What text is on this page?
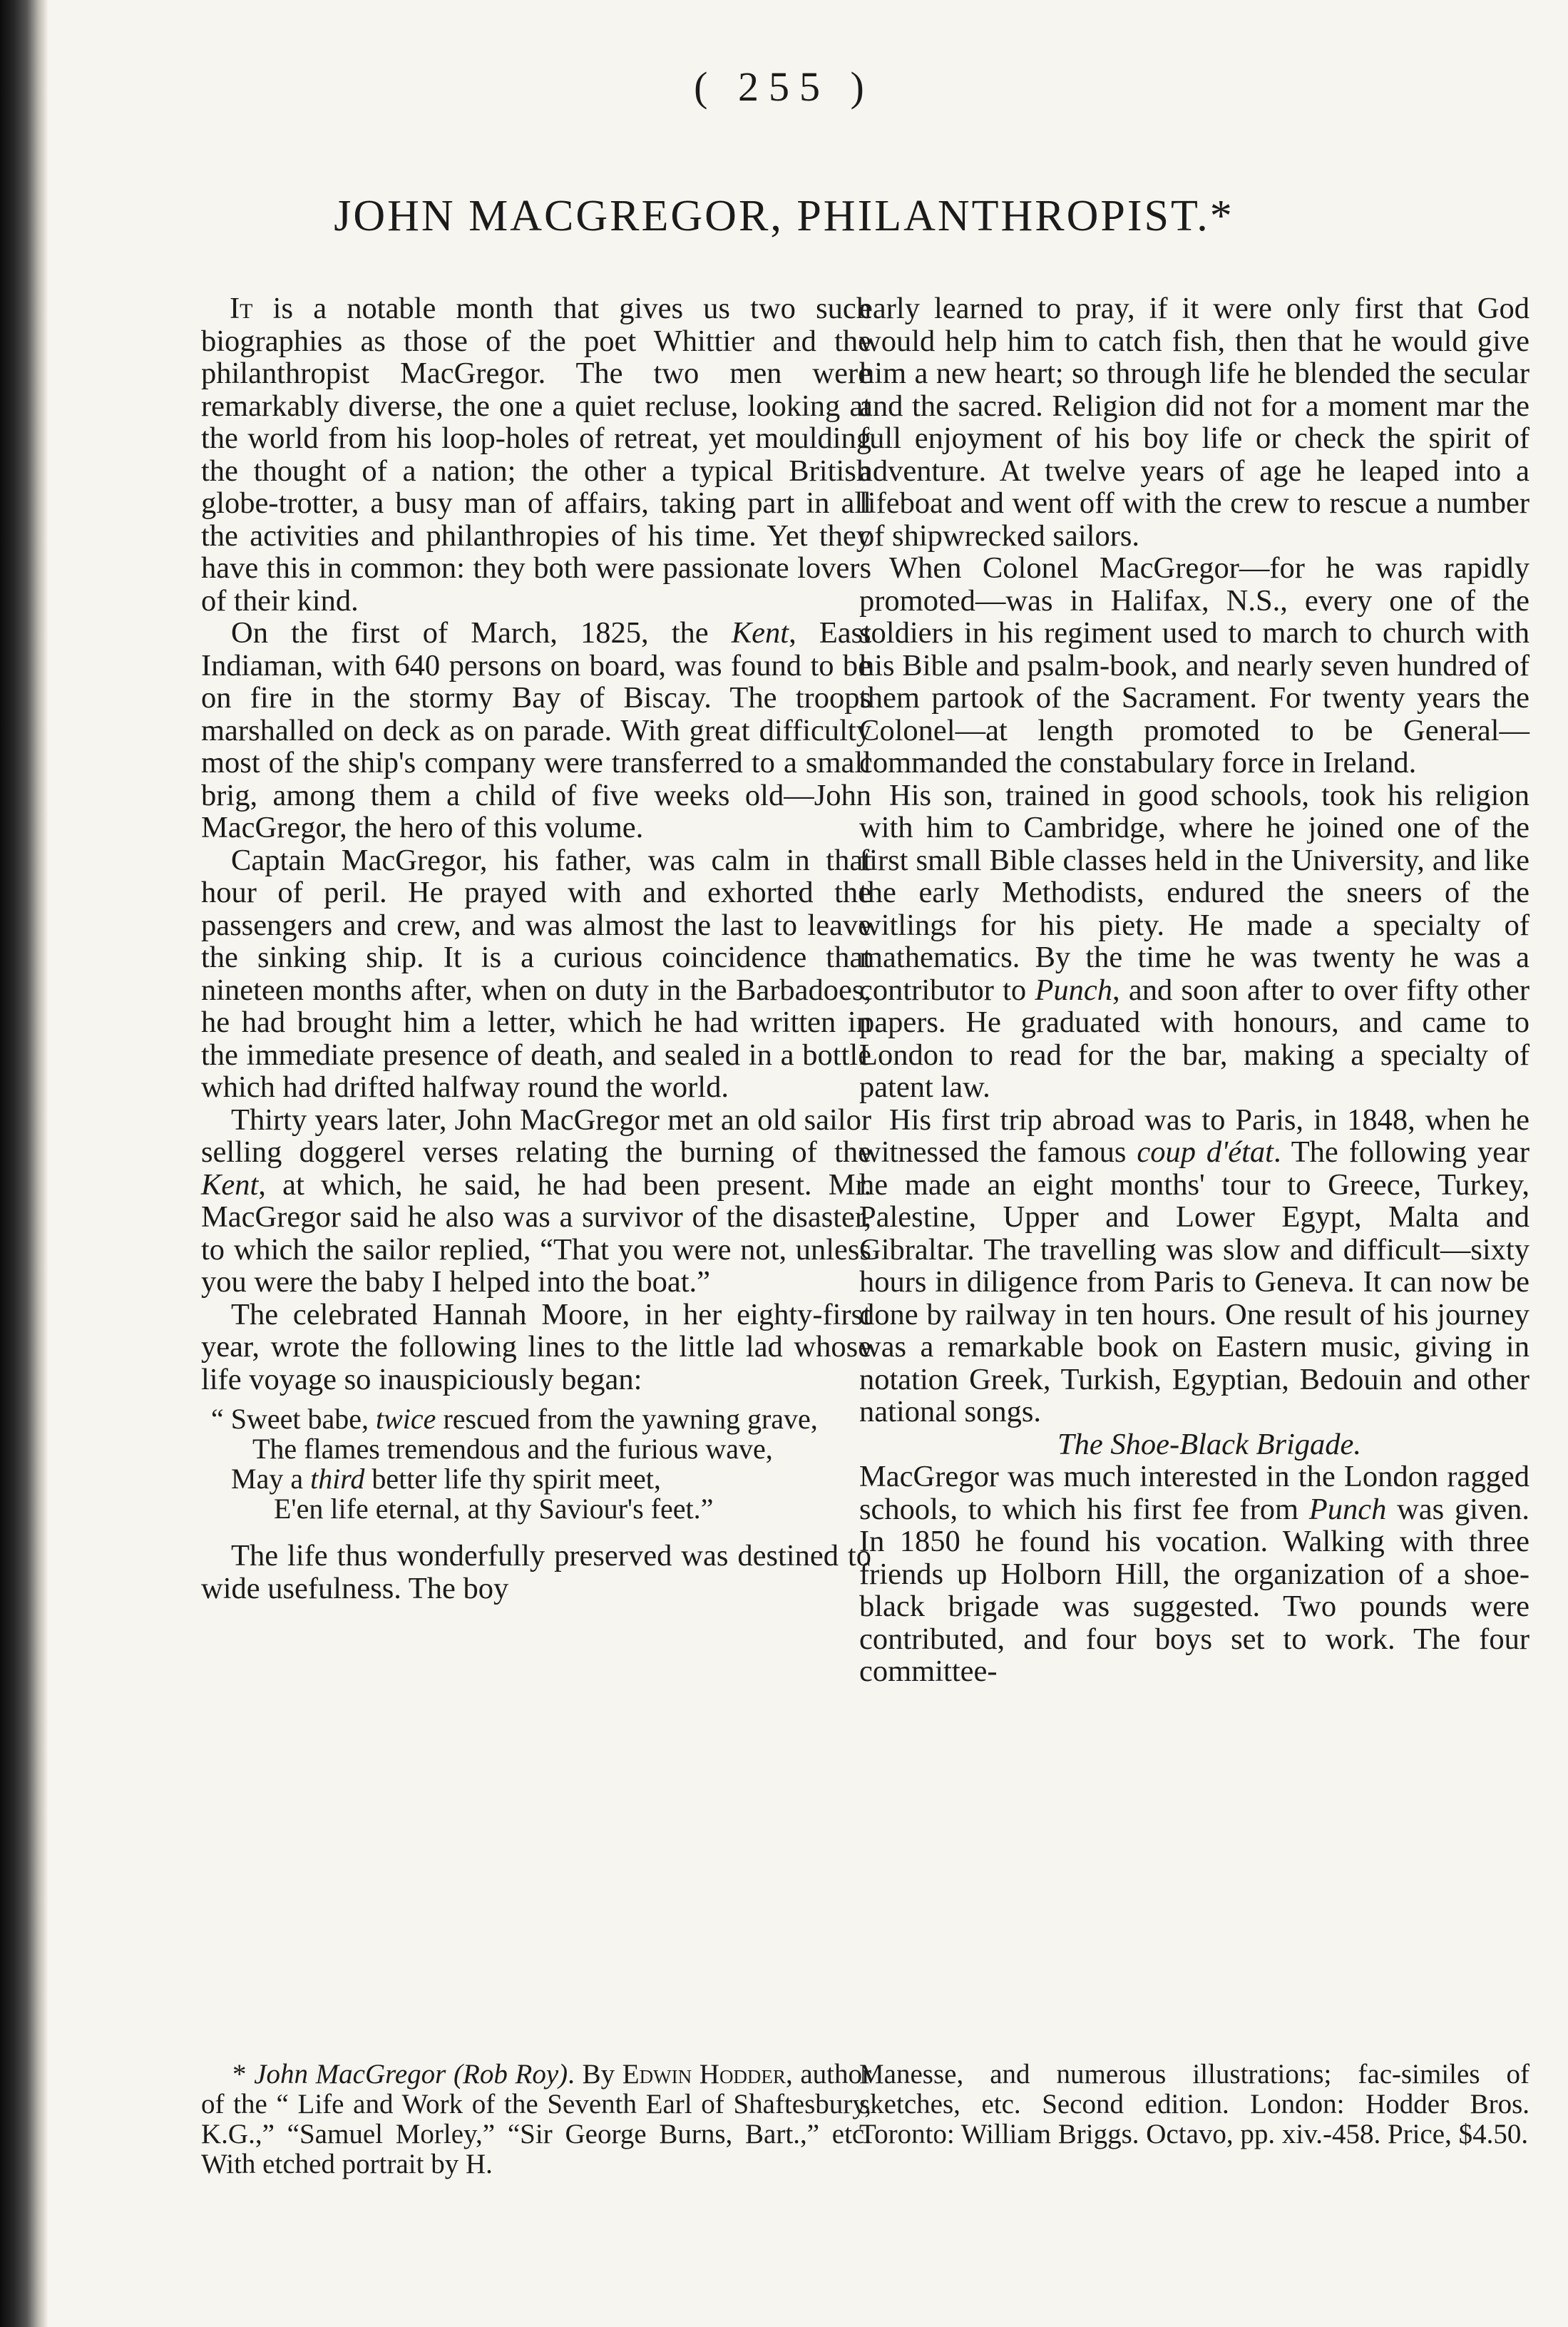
( 255 )
JOHN MACGREGOR, PHILANTHROPIST.*

It is a notable month that gives us two such biographies as those of the poet Whittier and the philanthropist MacGregor. The two men were remarkably diverse, the one a quiet recluse, looking at the world from his loop-holes of retreat, yet moulding the thought of a nation; the other a typical British globe-trotter, a busy man of affairs, taking part in all the activities and philanthropies of his time. Yet they have this in common: they both were passionate lovers of their kind.

On the first of March, 1825, the Kent, East Indiaman, with 640 persons on board, was found to be on fire in the stormy Bay of Biscay. The troops marshalled on deck as on parade. With great difficulty most of the ship's company were transferred to a small brig, among them a child of five weeks old—John MacGregor, the hero of this volume.

Captain MacGregor, his father, was calm in that hour of peril. He prayed with and exhorted the passengers and crew, and was almost the last to leave the sinking ship. It is a curious coincidence that nineteen months after, when on duty in the Barbadoes, he had brought him a letter, which he had written in the immediate presence of death, and sealed in a bottle which had drifted halfway round the world.

Thirty years later, John MacGregor met an old sailor selling doggerel verses relating the burning of the Kent, at which, he said, he had been present. Mr. MacGregor said he also was a survivor of the disaster, to which the sailor replied, “That you were not, unless you were the baby I helped into the boat.”

The celebrated Hannah Moore, in her eighty-first year, wrote the following lines to the little lad whose life voyage so inauspiciously began:

“ Sweet babe, twice rescued from the yawning grave,
The flames tremendous and the furious wave,
May a third better life thy spirit meet,
E'en life eternal, at thy Saviour's feet.”

The life thus wonderfully preserved was destined to wide usefulness. The boy

early learned to pray, if it were only first that God would help him to catch fish, then that he would give him a new heart; so through life he blended the secular and the sacred. Religion did not for a moment mar the full enjoyment of his boy life or check the spirit of adventure. At twelve years of age he leaped into a lifeboat and went off with the crew to rescue a number of shipwrecked sailors.

When Colonel MacGregor—for he was rapidly promoted—was in Halifax, N.S., every one of the soldiers in his regiment used to march to church with his Bible and psalm-book, and nearly seven hundred of them partook of the Sacrament. For twenty years the Colonel—at length promoted to be General—commanded the constabulary force in Ireland.

His son, trained in good schools, took his religion with him to Cambridge, where he joined one of the first small Bible classes held in the University, and like the early Methodists, endured the sneers of the witlings for his piety. He made a specialty of mathematics. By the time he was twenty he was a contributor to Punch, and soon after to over fifty other papers. He graduated with honours, and came to London to read for the bar, making a specialty of patent law.

His first trip abroad was to Paris, in 1848, when he witnessed the famous coup d'état. The following year he made an eight months' tour to Greece, Turkey, Palestine, Upper and Lower Egypt, Malta and Gibraltar. The travelling was slow and difficult—sixty hours in diligence from Paris to Geneva. It can now be done by railway in ten hours. One result of his journey was a remarkable book on Eastern music, giving in notation Greek, Turkish, Egyptian, Bedouin and other national songs.

The Shoe-Black Brigade.

MacGregor was much interested in the London ragged schools, to which his first fee from Punch was given. In 1850 he found his vocation. Walking with three friends up Holborn Hill, the organization of a shoe-black brigade was suggested. Two pounds were contributed, and four boys set to work. The four committee-

* John MacGregor (Rob Roy). By Edwin Hodder, author of the “ Life and Work of the Seventh Earl of Shaftesbury, K.G.,” “Samuel Morley,” “Sir George Burns, Bart.,” etc. With etched portrait by H.

Manesse, and numerous illustrations; fac-similes of sketches, etc. Second edition. London: Hodder Bros. Toronto: William Briggs. Octavo, pp. xiv.-458. Price, $4.50.
